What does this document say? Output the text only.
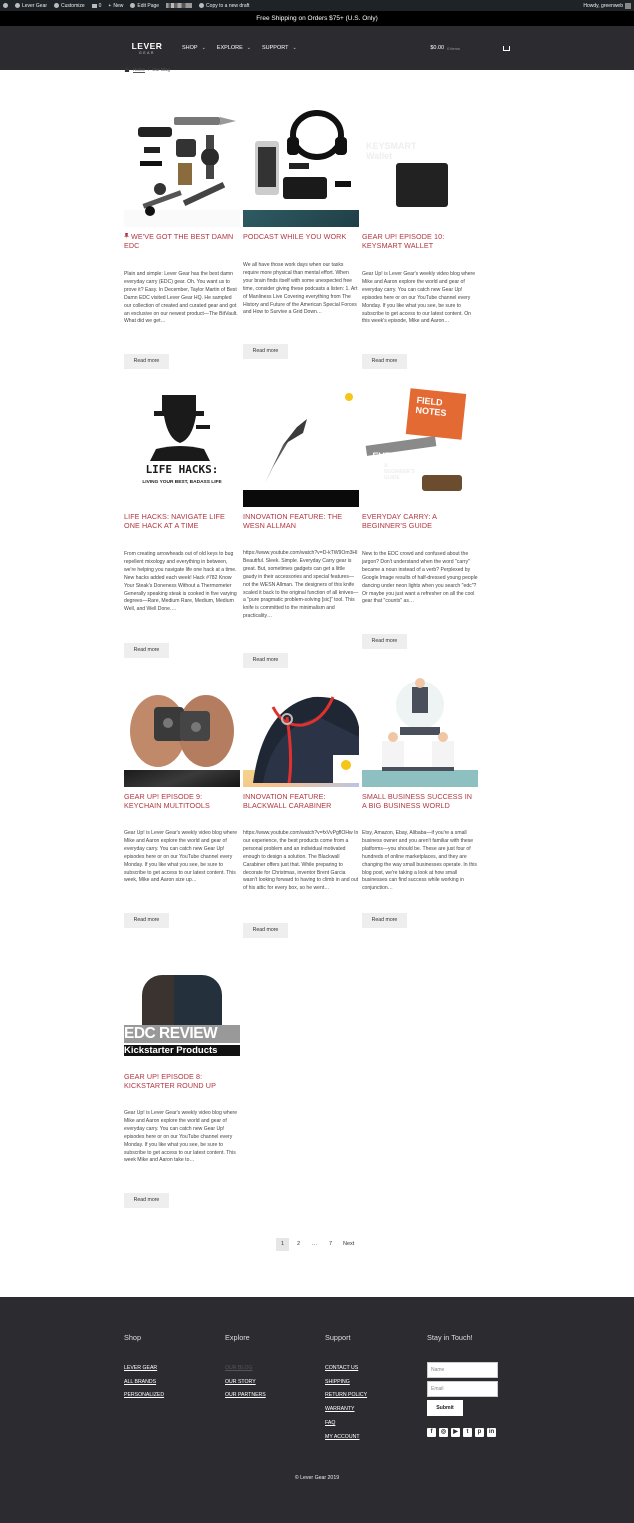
Lever Gear	Customize	0 + New	Edit Page	Copy to a new draft	Howdy, greenweb
Free Shipping on Orders $75+ (U.S. Only)
LEVER
GEAR
SHOP ⌄ EXPLORE ⌄ SUPPORT ⌄	$0.00 0 items
Home / Our Blog
WE'VE GOT THE BEST DAMN EDC
Plain and simple: Lever Gear has the best damn everyday carry (EDC) gear. Oh. You want us to prove it? Easy. In December, Taylor Martin of Best Damn EDC visited Lever Gear HQ. He sampled our collection of created and curated gear and got an exclusive on our newest product—The BitVault. What did we get…
Read more
PODCAST WHILE YOU WORK
We all have those work days when our tasks require more physical than mental effort. When your brain finds itself with some unexpected free time, consider giving these podcasts a listen: 1. Art of Manliness Live Covering everything from The History and Future of the American Special Forces and How to Survive a Grid Down…
Read more
GEAR UP! EPISODE 10: KEYSMART WALLET
Gear Up! is Lever Gear's weekly video blog where Mike and Aaron explore the world and gear of everyday carry. You can catch new Gear Up! episodes here or on our YouTube channel every Monday. If you like what you see, be sure to subscribe to get access to our latest content. On this week's episode, Mike and Aaron…
Read more
LIFE HACKS: NAVIGATE LIFE ONE HACK AT A TIME
From creating arrowheads out of old keys to bug repellent mixology and everything in between, we're helping you navigate life one hack at a time. New hacks added each week! Hack #782 Know Your Steak's Doneness Without a Thermometer Generally speaking steak is cooked in five varying degrees—Rare, Medium Rare, Medium, Medium Well, and Well Done.…
Read more
INNOVATION FEATURE: THE WESN ALLMAN
https://www.youtube.com/watch?v=D-kTW9Om3HI Beautiful. Sleek. Simple. Everyday Carry gear is great. But, sometimes gadgets can get a little gaudy in their accessories and special features—not the WESN Allman. The designers of this knife scaled it back to the original function of all knives—a "pure pragmatic problem-solving [sic]" tool. This knife is committed to the minimalism and practicality…
Read more
EVERYDAY CARRY: A BEGINNER'S GUIDE
New to the EDC crowd and confused about the jargon? Don't understand when the word "carry" became a noun instead of a verb? Perplexed by Google Image results of half-dressed young people dancing under neon lights when you search "edc"? Or maybe you just want a refresher on all the cool gear that "counts" as…
Read more
GEAR UP! EPISODE 9: KEYCHAIN MULTITOOLS
Gear Up! is Lever Gear's weekly video blog where Mike and Aaron explore the world and gear of everyday carry. You can catch new Gear Up! episodes here or on our YouTube channel every Monday. If you like what you see, be sure to subscribe to get access to our latest content. This week, Mike and Aaron size up…
Read more
INNOVATION FEATURE: BLACKWALL CARABINER
https://www.youtube.com/watch?v=fxVvPgflOHw In our experience, the best products come from a personal problem and an individual motivated enough to design a solution. The Blackwall Carabiner offers just that. While preparing to decorate for Christmas, inventor Brent Garcia wasn't looking forward to having to climb in and out of his attic for every box, so he went…
Read more
SMALL BUSINESS SUCCESS IN A BIG BUSINESS WORLD
Etsy, Amazon, Ebay, Alibaba—if you're a small business owner and you aren't familiar with these platforms—you should be. These are just four of hundreds of online marketplaces, and they are changing the way small businesses operate. In this blog post, we're taking a look at how small businesses can find success while working in conjunction…
Read more
GEAR UP! EPISODE 8: KICKSTARTER ROUND UP
Gear Up! is Lever Gear's weekly video blog where Mike and Aaron explore the world and gear of everyday carry. You can catch new Gear Up! episodes here or on our YouTube channel every Monday. If you like what you see, be sure to subscribe to get access to our latest content. This week Mike and Aaron take to…
Read more
1	2	…	7	Next
Shop
LEVER GEAR
ALL BRANDS
PERSONALIZED
Explore
OUR BLOG
OUR STORY
OUR PARTNERS
Support
CONTACT US
SHIPPING
RETURN POLICY
WARRANTY
FAQ
MY ACCOUNT
Stay in Touch!
Name
Email
Submit
f	◎	▶	t	p	in
© Lever Gear 2019
